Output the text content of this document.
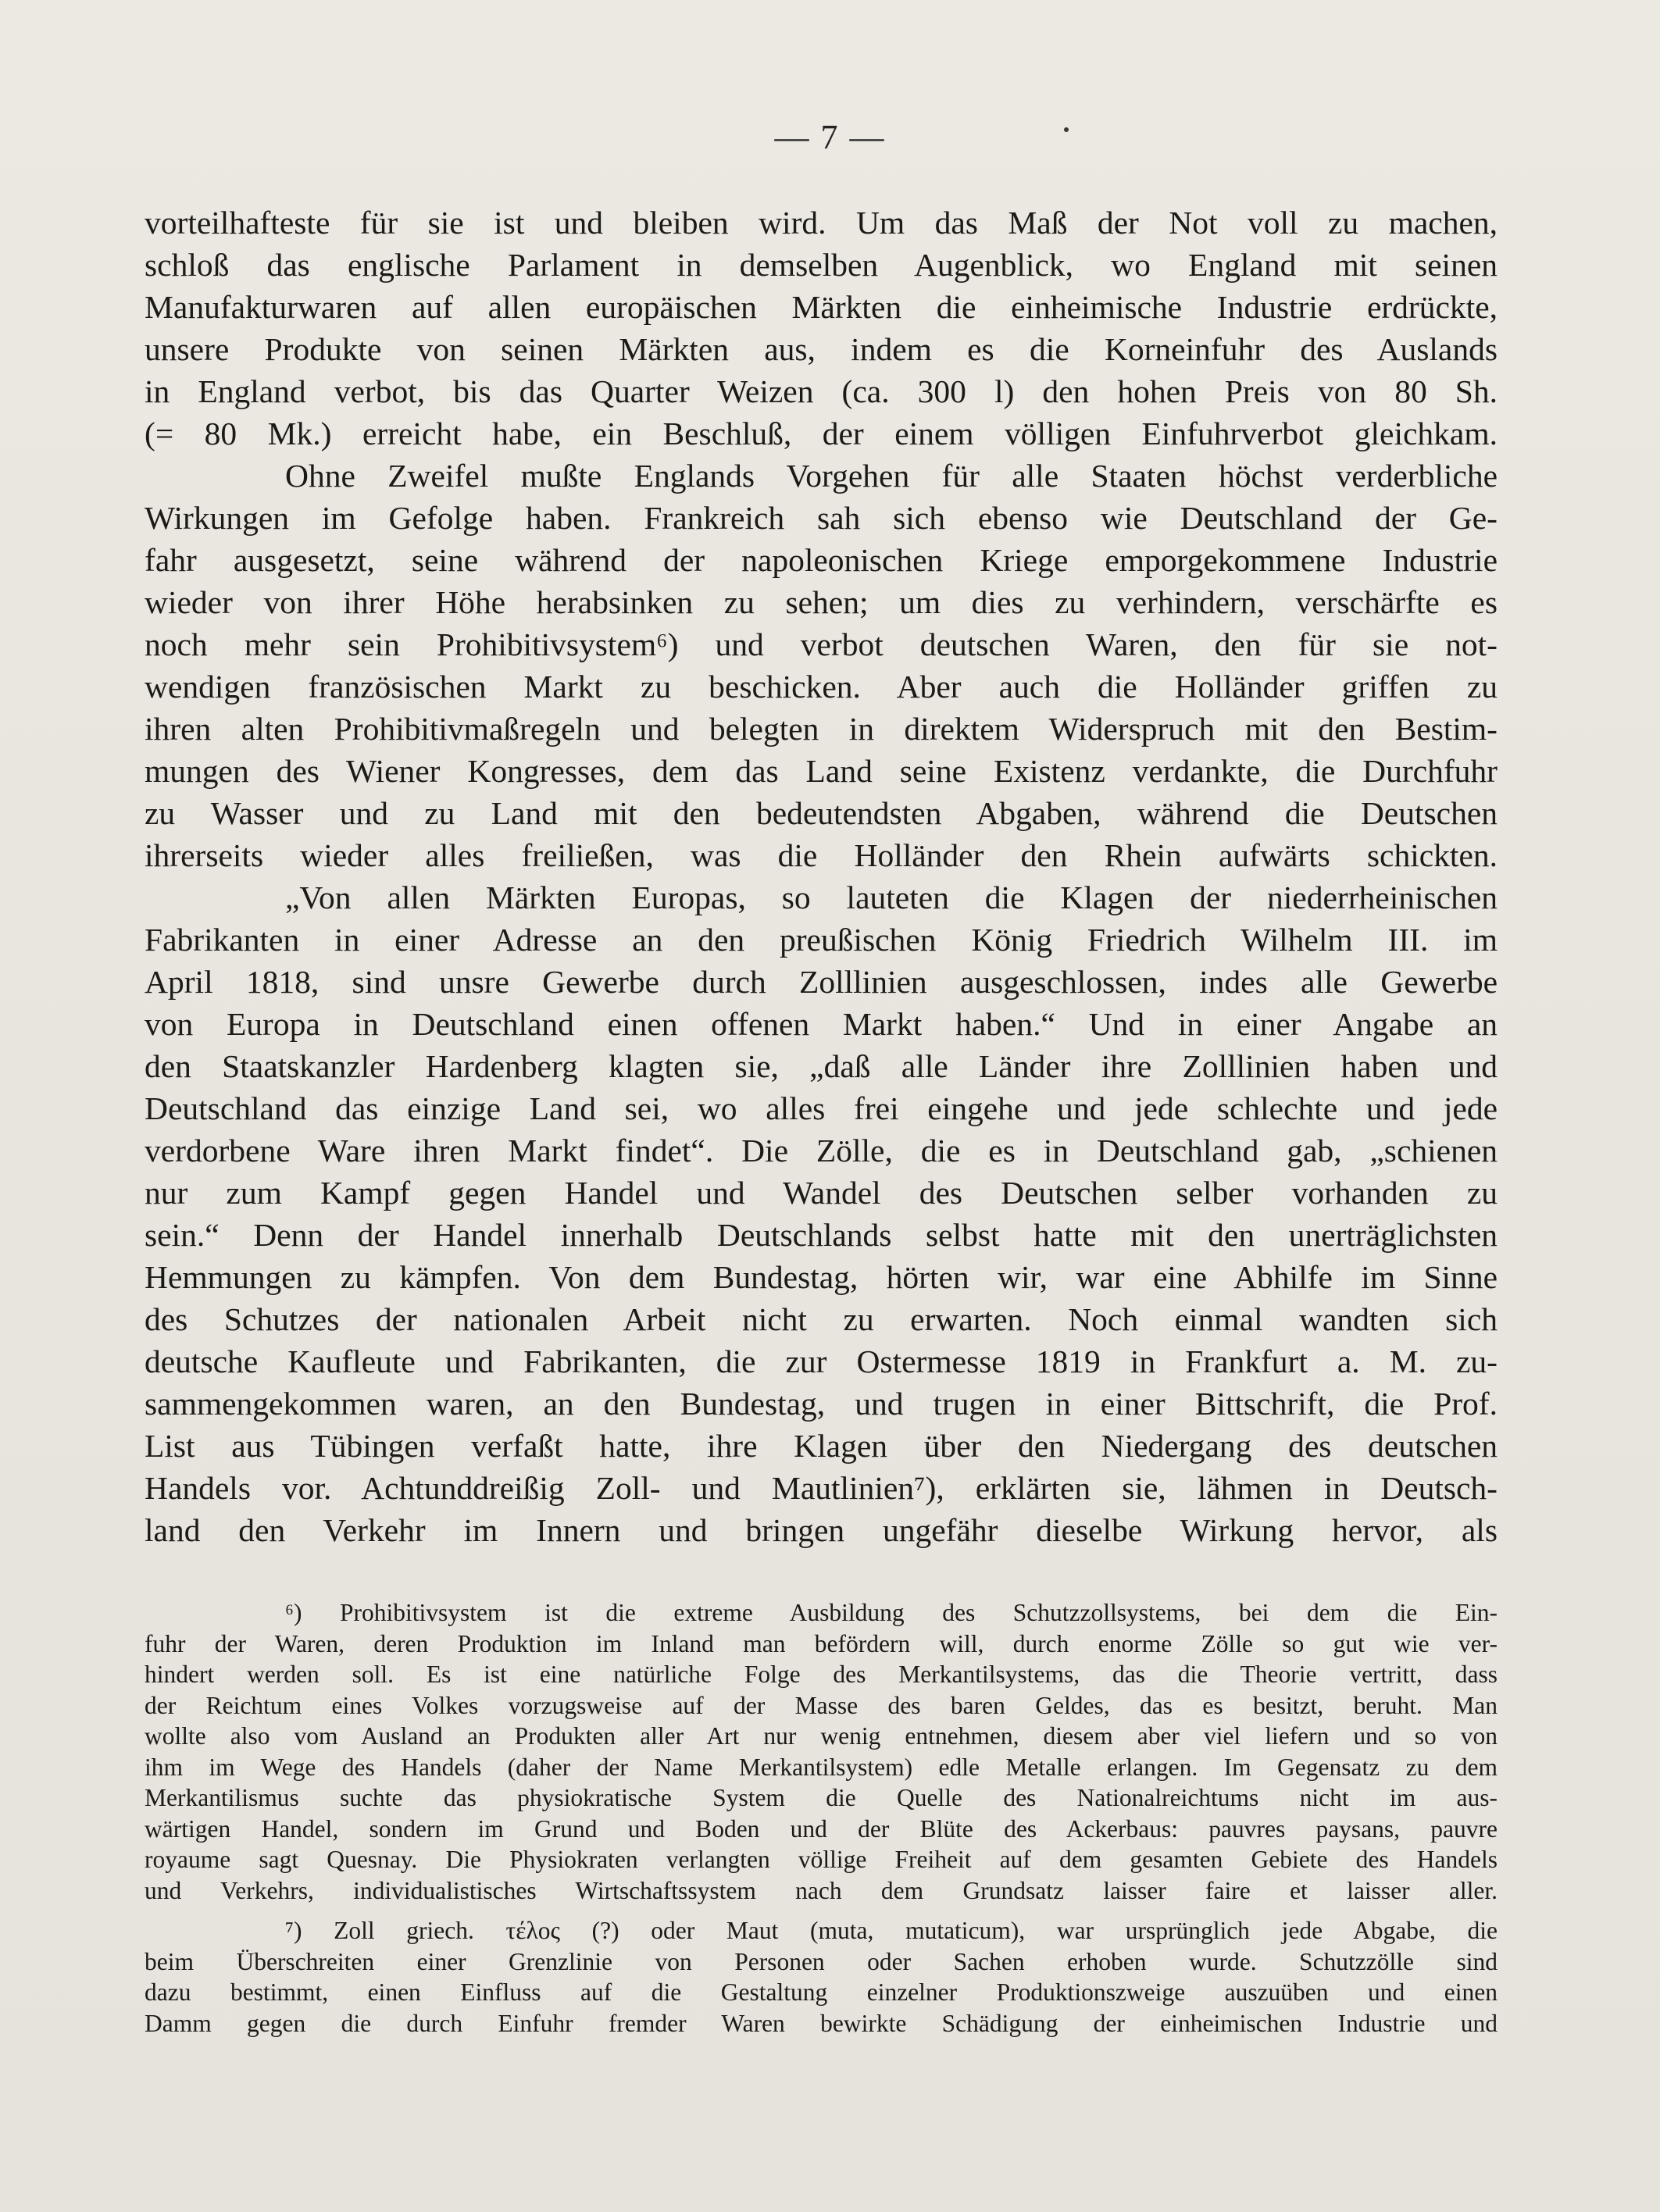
— 7 —
vorteilhafteste für sie ist und bleiben wird. Um das Maß der Not voll zu machen,
schloß das englische Parlament in demselben Augenblick, wo England mit seinen
Manufakturwaren auf allen europäischen Märkten die einheimische Industrie erdrückte,
unsere Produkte von seinen Märkten aus, indem es die Korneinfuhr des Auslands
in England verbot, bis das Quarter Weizen (ca. 300 l) den hohen Preis von 80 Sh.
(= 80 Mk.) erreicht habe, ein Beschluß, der einem völligen Einfuhrverbot gleichkam.
Ohne Zweifel mußte Englands Vorgehen für alle Staaten höchst verderbliche
Wirkungen im Gefolge haben. Frankreich sah sich ebenso wie Deutschland der Ge-
fahr ausgesetzt, seine während der napoleonischen Kriege emporgekommene Industrie
wieder von ihrer Höhe herabsinken zu sehen; um dies zu verhindern, verschärfte es
noch mehr sein Prohibitivsystem⁶) und verbot deutschen Waren, den für sie not-
wendigen französischen Markt zu beschicken. Aber auch die Holländer griffen zu
ihren alten Prohibitivmaßregeln und belegten in direktem Widerspruch mit den Bestim-
mungen des Wiener Kongresses, dem das Land seine Existenz verdankte, die Durchfuhr
zu Wasser und zu Land mit den bedeutendsten Abgaben, während die Deutschen
ihrerseits wieder alles freiließen, was die Holländer den Rhein aufwärts schickten.
„Von allen Märkten Europas, so lauteten die Klagen der niederrheinischen
Fabrikanten in einer Adresse an den preußischen König Friedrich Wilhelm III. im
April 1818, sind unsre Gewerbe durch Zolllinien ausgeschlossen, indes alle Gewerbe
von Europa in Deutschland einen offenen Markt haben.“ Und in einer Angabe an
den Staatskanzler Hardenberg klagten sie, „daß alle Länder ihre Zolllinien haben und
Deutschland das einzige Land sei, wo alles frei eingehe und jede schlechte und jede
verdorbene Ware ihren Markt findet“. Die Zölle, die es in Deutschland gab, „schienen
nur zum Kampf gegen Handel und Wandel des Deutschen selber vorhanden zu
sein.“ Denn der Handel innerhalb Deutschlands selbst hatte mit den unerträglichsten
Hemmungen zu kämpfen. Von dem Bundestag, hörten wir, war eine Abhilfe im Sinne
des Schutzes der nationalen Arbeit nicht zu erwarten. Noch einmal wandten sich
deutsche Kaufleute und Fabrikanten, die zur Ostermesse 1819 in Frankfurt a. M. zu-
sammengekommen waren, an den Bundestag, und trugen in einer Bittschrift, die Prof.
List aus Tübingen verfaßt hatte, ihre Klagen über den Niedergang des deutschen
Handels vor. Achtunddreißig Zoll- und Mautlinien⁷), erklärten sie, lähmen in Deutsch-
land den Verkehr im Innern und bringen ungefähr dieselbe Wirkung hervor, als
⁶) Prohibitivsystem ist die extreme Ausbildung des Schutzzollsystems, bei dem die Ein-
fuhr der Waren, deren Produktion im Inland man befördern will, durch enorme Zölle so gut wie ver-
hindert werden soll. Es ist eine natürliche Folge des Merkantilsystems, das die Theorie vertritt, dass
der Reichtum eines Volkes vorzugsweise auf der Masse des baren Geldes, das es besitzt, beruht. Man
wollte also vom Ausland an Produkten aller Art nur wenig entnehmen, diesem aber viel liefern und so von
ihm im Wege des Handels (daher der Name Merkantilsystem) edle Metalle erlangen. Im Gegensatz zu dem
Merkantilismus suchte das physiokratische System die Quelle des Nationalreichtums nicht im aus-
wärtigen Handel, sondern im Grund und Boden und der Blüte des Ackerbaus: pauvres paysans, pauvre
royaume sagt Quesnay. Die Physiokraten verlangten völlige Freiheit auf dem gesamten Gebiete des Handels
und Verkehrs, individualistisches Wirtschaftssystem nach dem Grundsatz laisser faire et laisser aller.
⁷) Zoll griech. τέλος (?) oder Maut (muta, mutaticum), war ursprünglich jede Abgabe, die
beim Überschreiten einer Grenzlinie von Personen oder Sachen erhoben wurde. Schutzzölle sind
dazu bestimmt, einen Einfluss auf die Gestaltung einzelner Produktionszweige auszuüben und einen
Damm gegen die durch Einfuhr fremder Waren bewirkte Schädigung der einheimischen Industrie und
